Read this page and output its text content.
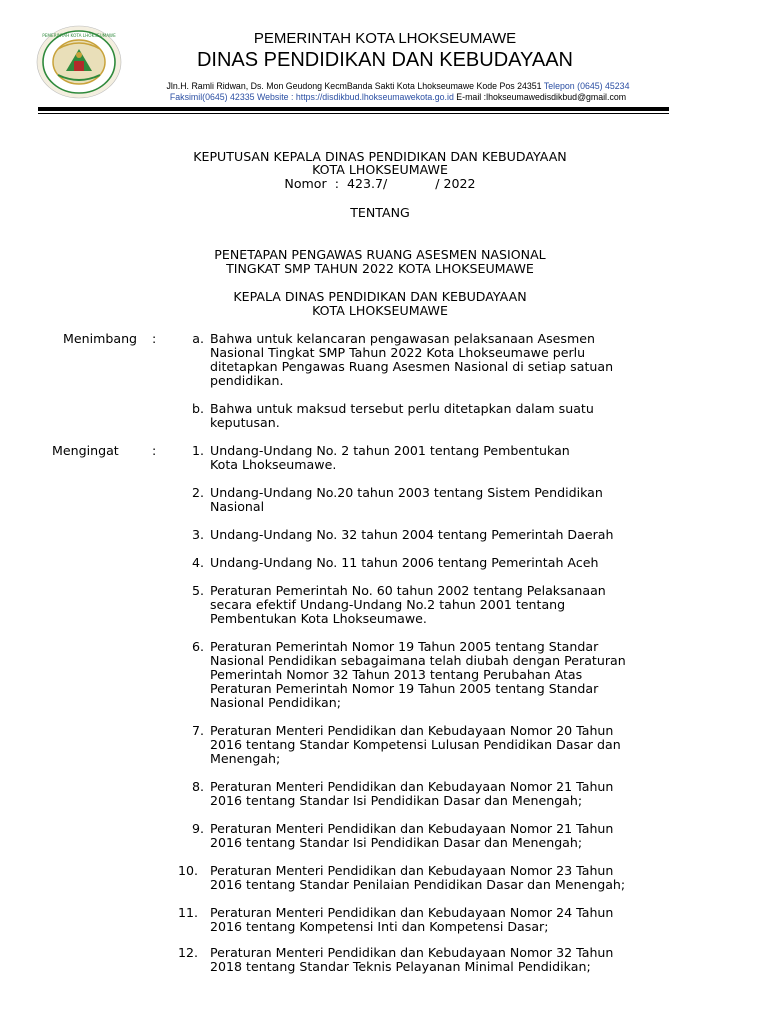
PEMERINTAH KOTA LHOKSEUMAWE	PEMERINTAH KOTA LHOKSEUMAWE
DINAS PENDIDIKAN DAN KEBUDAYAAN
Jln.H. Ramli Ridwan, Ds. Mon Geudong KecmBanda Sakti Kota Lhokseumawe Kode Pos 24351 Telepon (0645) 45234
Faksimil(0645) 42335 Website : https://disdikbud.lhokseumawekota.go.id E-mail :lhokseumawedisdikbud@gmail.com
KEPUTUSAN KEPALA DINAS PENDIDIKAN DAN KEBUDAYAAN
KOTA LHOKSEUMAWE
Nomor  :  423.7/            / 2022
TENTANG
PENETAPAN PENGAWAS RUANG ASESMEN NASIONAL
TINGKAT SMP TAHUN 2022 KOTA LHOKSEUMAWE
KEPALA DINAS PENDIDIKAN DAN KEBUDAYAAN
KOTA LHOKSEUMAWE
Menimbang :	a. Bahwa untuk kelancaran pengawasan pelaksanaan Asesmen
Nasional Tingkat SMP Tahun 2022 Kota Lhokseumawe perlu
ditetapkan Pengawas Ruang Asesmen Nasional di setiap satuan
pendidikan.
b. Bahwa untuk maksud tersebut perlu ditetapkan dalam suatu
keputusan.
Mengingat	:	1. Undang-Undang No. 2 tahun 2001 tentang Pembentukan
Kota Lhokseumawe.
2. Undang-Undang No.20 tahun 2003 tentang Sistem Pendidikan
Nasional
3. Undang-Undang No. 32 tahun 2004 tentang Pemerintah Daerah
4. Undang-Undang No. 11 tahun 2006 tentang Pemerintah Aceh
5. Peraturan Pemerintah No. 60 tahun 2002 tentang Pelaksanaan
secara efektif Undang-Undang No.2 tahun 2001 tentang
Pembentukan Kota Lhokseumawe.
6. Peraturan Pemerintah Nomor 19 Tahun 2005 tentang Standar
Nasional Pendidikan sebagaimana telah diubah dengan Peraturan
Pemerintah Nomor 32 Tahun 2013 tentang Perubahan Atas
Peraturan Pemerintah Nomor 19 Tahun 2005 tentang Standar
Nasional Pendidikan;
7. Peraturan Menteri Pendidikan dan Kebudayaan Nomor 20 Tahun
2016 tentang Standar Kompetensi Lulusan Pendidikan Dasar dan
Menengah;
8. Peraturan Menteri Pendidikan dan Kebudayaan Nomor 21 Tahun
2016 tentang Standar Isi Pendidikan Dasar dan Menengah;
9. Peraturan Menteri Pendidikan dan Kebudayaan Nomor 21 Tahun
2016 tentang Standar Isi Pendidikan Dasar dan Menengah;
10. Peraturan Menteri Pendidikan dan Kebudayaan Nomor 23 Tahun
2016 tentang Standar Penilaian Pendidikan Dasar dan Menengah;
11. Peraturan Menteri Pendidikan dan Kebudayaan Nomor 24 Tahun
2016 tentang Kompetensi Inti dan Kompetensi Dasar;
12. Peraturan Menteri Pendidikan dan Kebudayaan Nomor 32 Tahun
2018 tentang Standar Teknis Pelayanan Minimal Pendidikan;
